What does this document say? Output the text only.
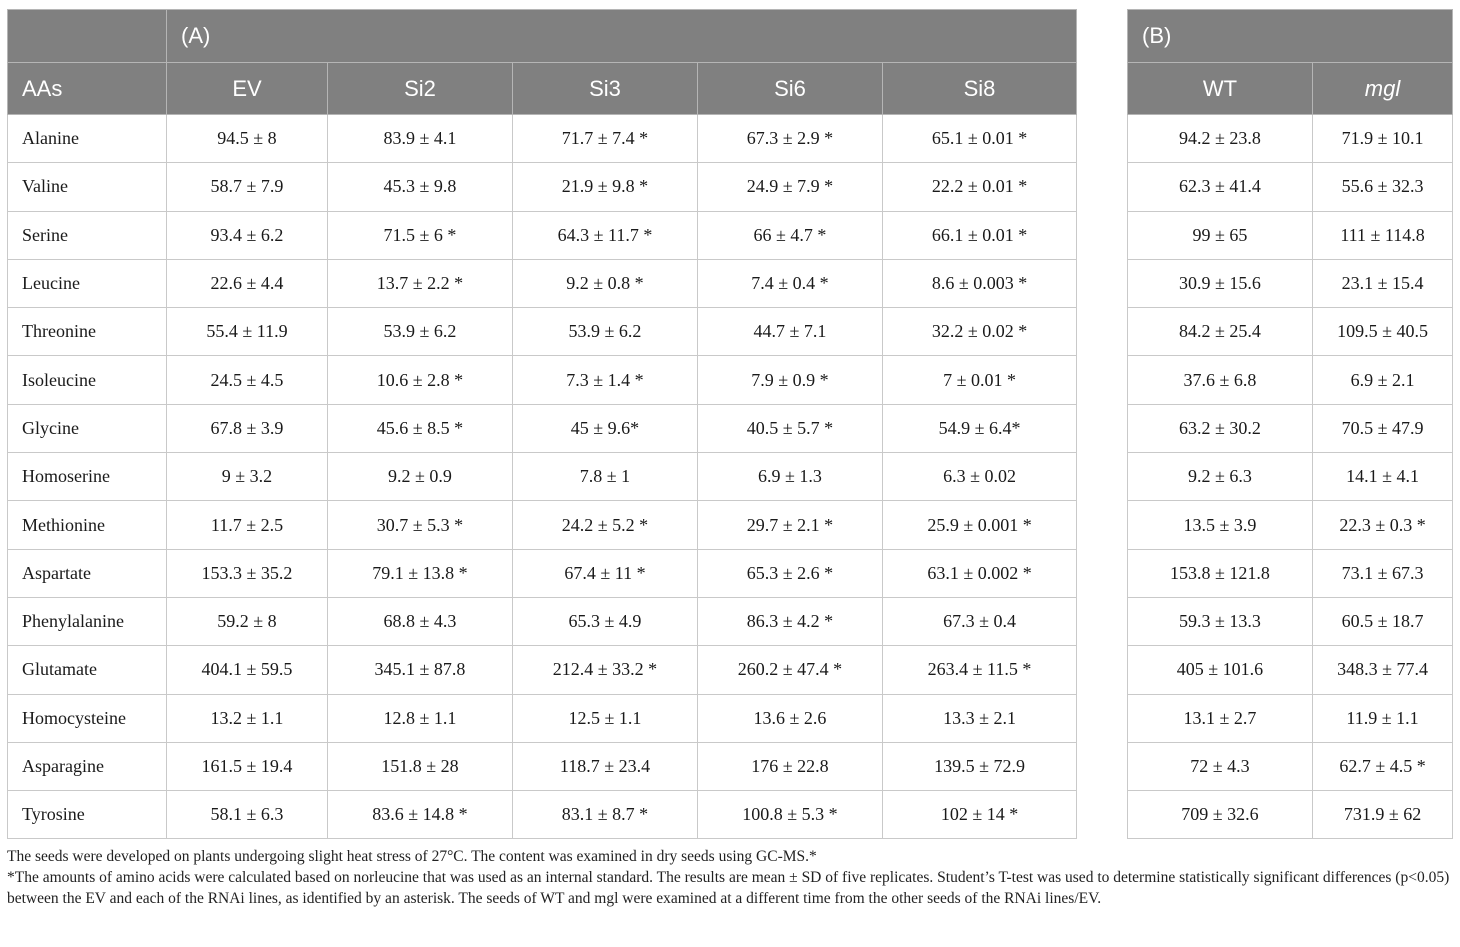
	(A)				
AAs	EV	Si2	Si3	Si6	Si8
Alanine	94.5 ± 8	83.9 ± 4.1	71.7 ± 7.4 *	67.3 ± 2.9 *	65.1 ± 0.01 *
Valine	58.7 ± 7.9	45.3 ± 9.8	21.9 ± 9.8 *	24.9 ± 7.9 *	22.2 ± 0.01 *
Serine	93.4 ± 6.2	71.5 ± 6 *	64.3 ± 11.7 *	66 ± 4.7 *	66.1 ± 0.01 *
Leucine	22.6 ± 4.4	13.7 ± 2.2 *	9.2 ± 0.8 *	7.4 ± 0.4 *	8.6 ± 0.003 *
Threonine	55.4 ± 11.9	53.9 ± 6.2	53.9 ± 6.2	44.7 ± 7.1	32.2 ± 0.02 *
Isoleucine	24.5 ± 4.5	10.6 ± 2.8 *	7.3 ± 1.4 *	7.9 ± 0.9 *	7 ± 0.01 *
Glycine	67.8 ± 3.9	45.6 ± 8.5 *	45 ± 9.6*	40.5 ± 5.7 *	54.9 ± 6.4*
Homoserine	9 ± 3.2	9.2 ± 0.9	7.8 ± 1	6.9 ± 1.3	6.3 ± 0.02
Methionine	11.7 ± 2.5	30.7 ± 5.3 *	24.2 ± 5.2 *	29.7 ± 2.1 *	25.9 ± 0.001 *
Aspartate	153.3 ± 35.2	79.1 ± 13.8 *	67.4 ± 11 *	65.3 ± 2.6 *	63.1 ± 0.002 *
Phenylalanine	59.2 ± 8	68.8 ± 4.3	65.3 ± 4.9	86.3 ± 4.2 *	67.3 ± 0.4
Glutamate	404.1 ± 59.5	345.1 ± 87.8	212.4 ± 33.2 *	260.2 ± 47.4 *	263.4 ± 11.5 *
Homocysteine	13.2 ± 1.1	12.8 ± 1.1	12.5 ± 1.1	13.6 ± 2.6	13.3 ± 2.1
Asparagine	161.5 ± 19.4	151.8 ± 28	118.7 ± 23.4	176 ± 22.8	139.5 ± 72.9
Tyrosine	58.1 ± 6.3	83.6 ± 14.8 *	83.1 ± 8.7 *	100.8 ± 5.3 *	102 ± 14 *
(B)	
WT	mgl
94.2 ± 23.8	71.9 ± 10.1
62.3 ± 41.4	55.6 ± 32.3
99 ± 65	111 ± 114.8
30.9 ± 15.6	23.1 ± 15.4
84.2 ± 25.4	109.5 ± 40.5
37.6 ± 6.8	6.9 ± 2.1
63.2 ± 30.2	70.5 ± 47.9
9.2 ± 6.3	14.1 ± 4.1
13.5 ± 3.9	22.3 ± 0.3 *
153.8 ± 121.8	73.1 ± 67.3
59.3 ± 13.3	60.5 ± 18.7
405 ± 101.6	348.3 ± 77.4
13.1 ± 2.7	11.9 ± 1.1
72 ± 4.3	62.7 ± 4.5 *
709 ± 32.6	731.9 ± 62

The seeds were developed on plants undergoing slight heat stress of 27°C. The content was examined in dry seeds using GC-MS.*

*The amounts of amino acids were calculated based on norleucine that was used as an internal standard. The results are mean ± SD of five replicates. Student’s T-test was used to determine statistically significant differences (p<0.05) between the EV and each of the RNAi lines, as identified by an asterisk. The seeds of WT and mgl were examined at a different time from the other seeds of the RNAi lines/EV.
